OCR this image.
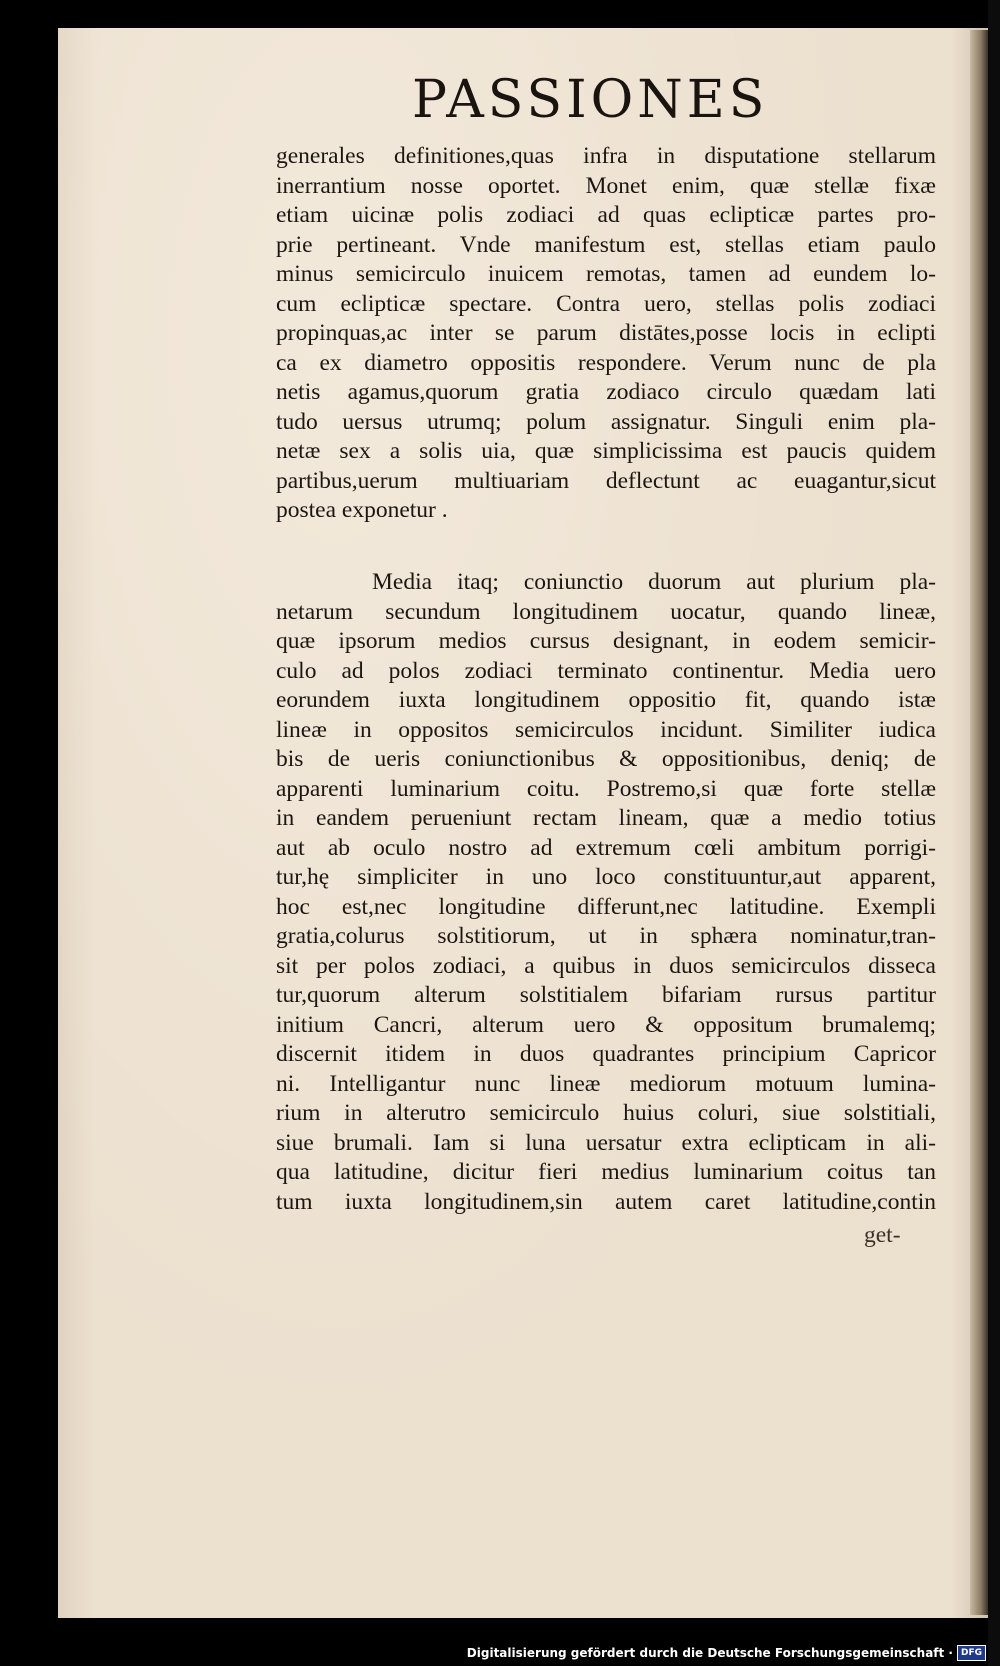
PASSIONES
generales definitiones,quas infra in disputatione stellarum
inerrantium nosse oportet. Monet enim, quæ stellæ fixæ
etiam uicinæ polis zodiaci ad quas eclipticæ partes pro-
prie pertineant. Vnde manifestum est, stellas etiam paulo
minus semicirculo inuicem remotas, tamen ad eundem lo-
cum eclipticæ spectare. Contra uero, stellas polis zodiaci
propinquas,ac inter se parum distātes,posse locis in eclipti
ca ex diametro oppositis respondere. Verum nunc de pla
netis agamus,quorum gratia zodiaco circulo quædam lati
tudo uersus utrumq; polum assignatur. Singuli enim pla-
netæ sex a solis uia, quæ simplicissima est paucis quidem
partibus,uerum multiuariam deflectunt ac euagantur,sicut
postea exponetur .
Media itaq; coniunctio duorum aut plurium pla-
netarum secundum longitudinem uocatur, quando lineæ,
quæ ipsorum medios cursus designant, in eodem semicir-
culo ad polos zodiaci terminato continentur. Media uero
eorundem iuxta longitudinem oppositio fit, quando istæ
lineæ in oppositos semicirculos incidunt. Similiter iudica
bis de ueris coniunctionibus & oppositionibus, deniq; de
apparenti luminarium coitu. Postremo,si quæ forte stellæ
in eandem perueniunt rectam lineam, quæ a medio totius
aut ab oculo nostro ad extremum cœli ambitum porrigi-
tur,hę simpliciter in uno loco constituuntur,aut apparent,
hoc est,nec longitudine differunt,nec latitudine. Exempli
gratia,colurus solstitiorum, ut in sphæra nominatur,tran-
sit per polos zodiaci, a quibus in duos semicirculos disseca
tur,quorum alterum solstitialem bifariam rursus partitur
initium Cancri, alterum uero & oppositum brumalemq;
discernit itidem in duos quadrantes principium Capricor
ni. Intelligantur nunc lineæ mediorum motuum lumina-
rium in alterutro semicirculo huius coluri, siue solstitiali,
siue brumali. Iam si luna uersatur extra eclipticam in ali-
qua latitudine, dicitur fieri medius luminarium coitus tan
tum iuxta longitudinem,sin autem caret latitudine,contin
get-
Digitalisierung gefördert durch die Deutsche Forschungsgemeinschaft · DFG
